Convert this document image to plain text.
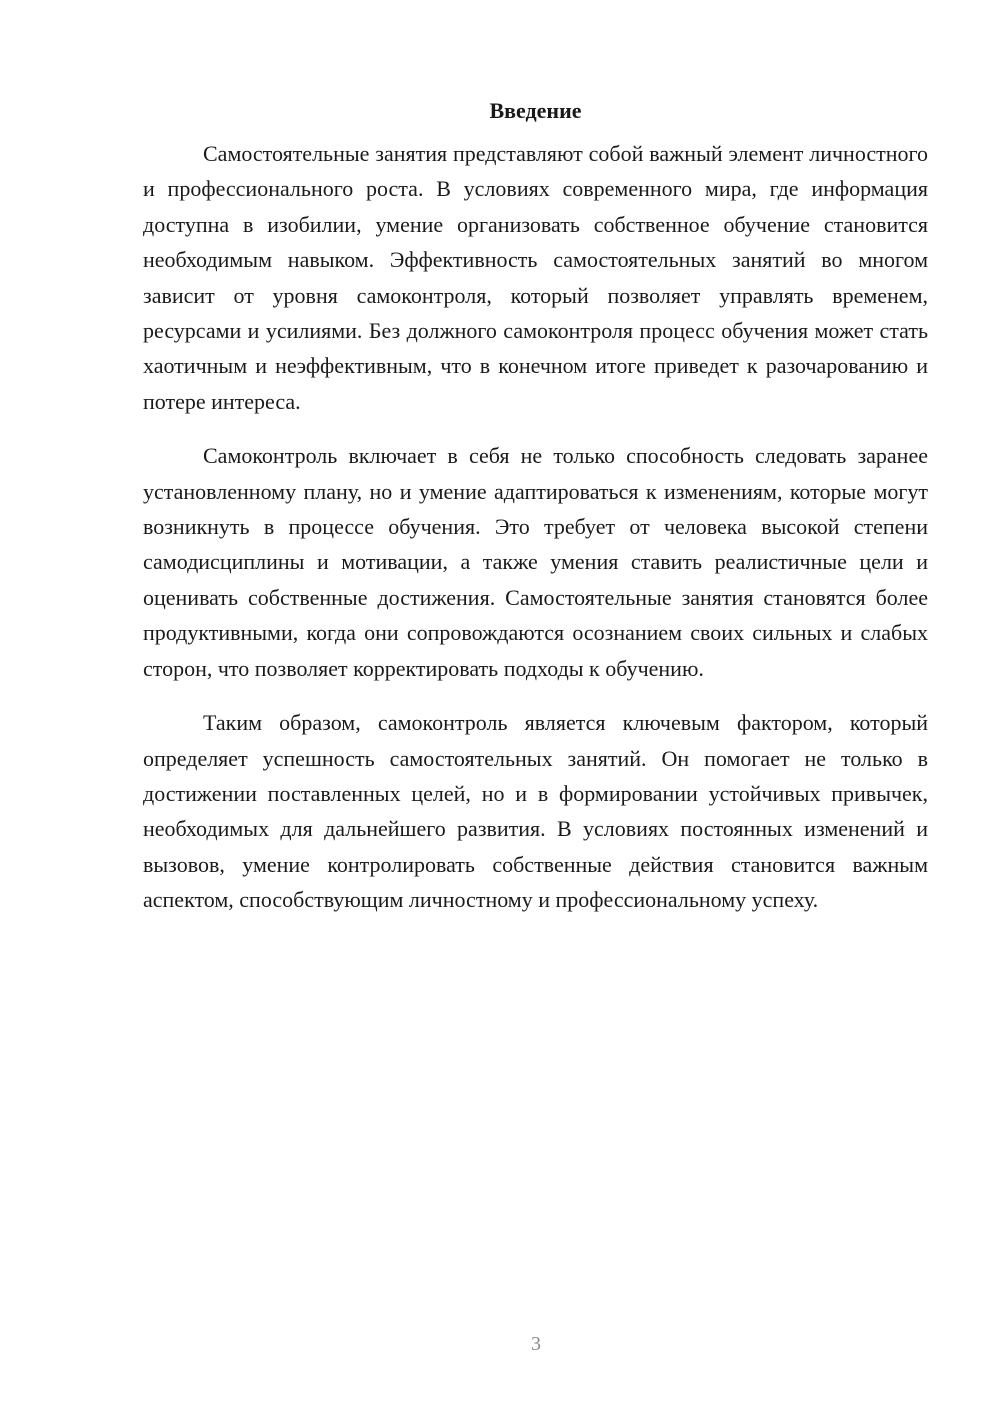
Введение

Самостоятельные занятия представляют собой важный элемент личностного и профессионального роста. В условиях современного мира, где информация доступна в изобилии, умение организовать собственное обучение становится необходимым навыком. Эффективность самостоятельных занятий во многом зависит от уровня самоконтроля, который позволяет управлять временем, ресурсами и усилиями. Без должного самоконтроля процесс обучения может стать хаотичным и неэффективным, что в конечном итоге приведет к разочарованию и потере интереса.

Самоконтроль включает в себя не только способность следовать заранее установленному плану, но и умение адаптироваться к изменениям, которые могут возникнуть в процессе обучения. Это требует от человека высокой степени самодисциплины и мотивации, а также умения ставить реалистичные цели и оценивать собственные достижения. Самостоятельные занятия становятся более продуктивными, когда они сопровождаются осознанием своих сильных и слабых сторон, что позволяет корректировать подходы к обучению.

Таким образом, самоконтроль является ключевым фактором, который определяет успешность самостоятельных занятий. Он помогает не только в достижении поставленных целей, но и в формировании устойчивых привычек, необходимых для дальнейшего развития. В условиях постоянных изменений и вызовов, умение контролировать собственные действия становится важным аспектом, способствующим личностному и профессиональному успеху.

3
